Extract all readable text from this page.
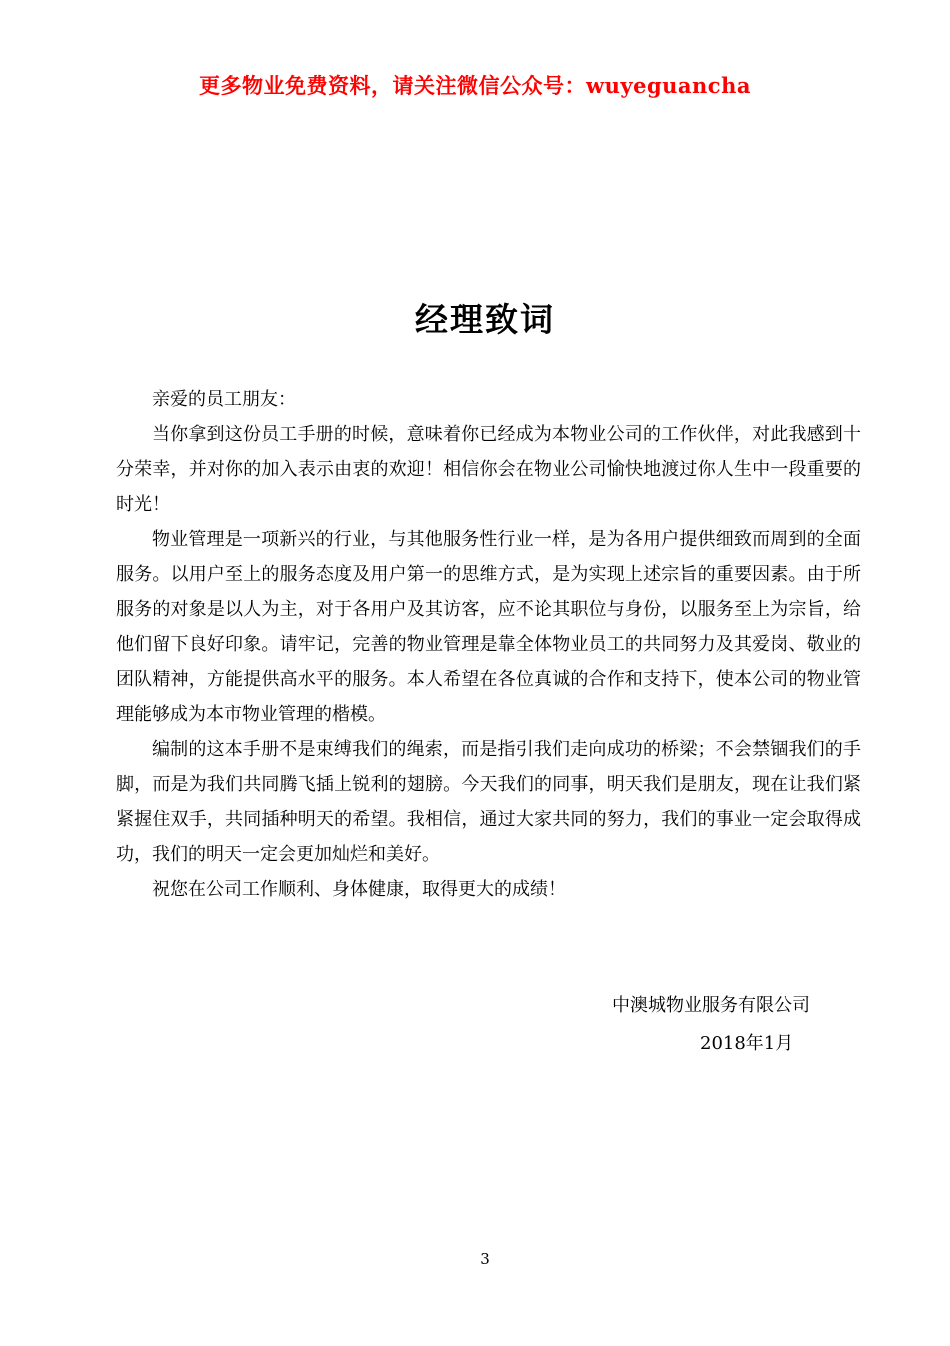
更多物业免费资料，请关注微信公众号：wuyeguancha
经理致词

亲爱的员工朋友：

当你拿到这份员工手册的时候，意味着你已经成为本物业公司的工作伙伴，对此我感到十分荣幸，并对你的加入表示由衷的欢迎！相信你会在物业公司愉快地渡过你人生中一段重要的时光！

物业管理是一项新兴的行业，与其他服务性行业一样，是为各用户提供细致而周到的全面服务。以用户至上的服务态度及用户第一的思维方式，是为实现上述宗旨的重要因素。由于所服务的对象是以人为主，对于各用户及其访客，应不论其职位与身份，以服务至上为宗旨，给他们留下良好印象。请牢记，完善的物业管理是靠全体物业员工的共同努力及其爱岗、敬业的团队精神，方能提供高水平的服务。本人希望在各位真诚的合作和支持下，使本公司的物业管理能够成为本市物业管理的楷模。

编制的这本手册不是束缚我们的绳索，而是指引我们走向成功的桥梁；不会禁锢我们的手脚，而是为我们共同腾飞插上锐利的翅膀。今天我们的同事，明天我们是朋友，现在让我们紧紧握住双手，共同插种明天的希望。我相信，通过大家共同的努力，我们的事业一定会取得成功，我们的明天一定会更加灿烂和美好。

祝您在公司工作顺利、身体健康，取得更大的成绩！

中澳城物业服务有限公司
2018年1月
3
